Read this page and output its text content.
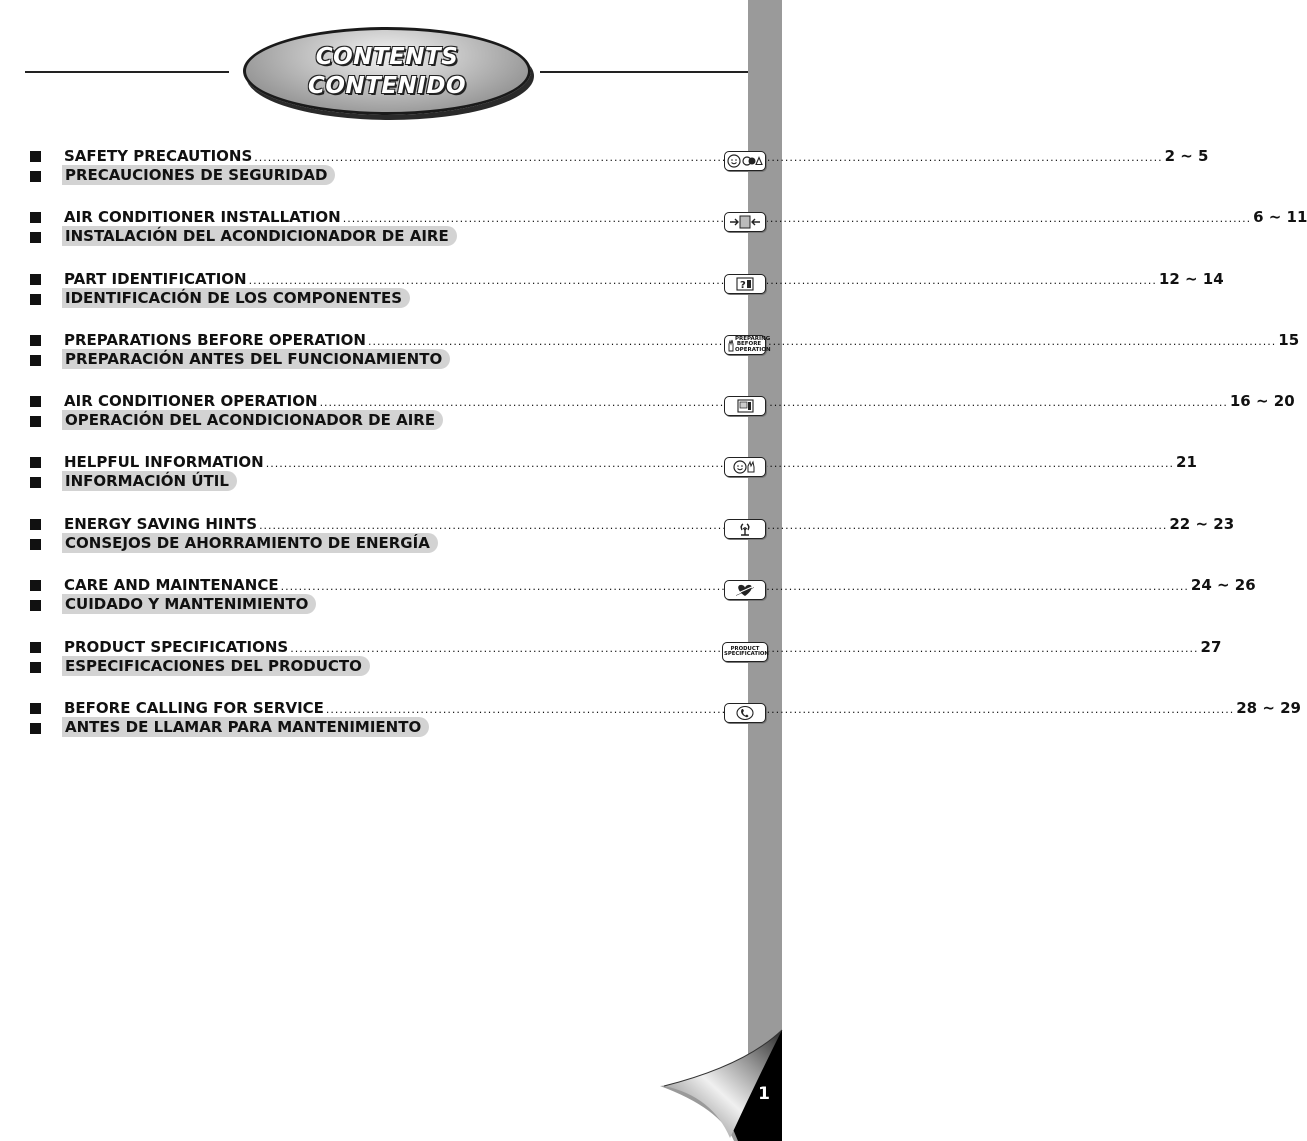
CONTENTS
CONTENIDO
SAFETY PRECAUTIONS .....	2 ~ 5
PRECAUCIONES DE SEGURIDAD
AIR CONDITIONER INSTALLATION .....	6 ~ 11
INSTALACIÓN DEL ACONDICIONADOR DE AIRE
PART IDENTIFICATION .....	12 ~ 14
IDENTIFICACIÓN DE LOS COMPONENTES
?
PREPARATIONS BEFORE OPERATION .....	15
PREPARACIÓN ANTES DEL FUNCIONAMIENTO
PREPARING BEFORE OPERATION
AIR CONDITIONER OPERATION .....	16 ~ 20
OPERACIÓN DEL ACONDICIONADOR DE AIRE
HELPFUL INFORMATION .....	21
INFORMACIÓN ÚTIL
ENERGY SAVING HINTS .....	22 ~ 23
CONSEJOS DE AHORRAMIENTO DE ENERGÍA
CARE AND MAINTENANCE .....	24 ~ 26
CUIDADO Y MANTENIMIENTO
PRODUCT SPECIFICATIONS .....	27
ESPECIFICACIONES DEL PRODUCTO
PRODUCT SPECIFICATION
BEFORE CALLING FOR SERVICE .....	28 ~ 29
ANTES DE LLAMAR PARA MANTENIMIENTO
1
